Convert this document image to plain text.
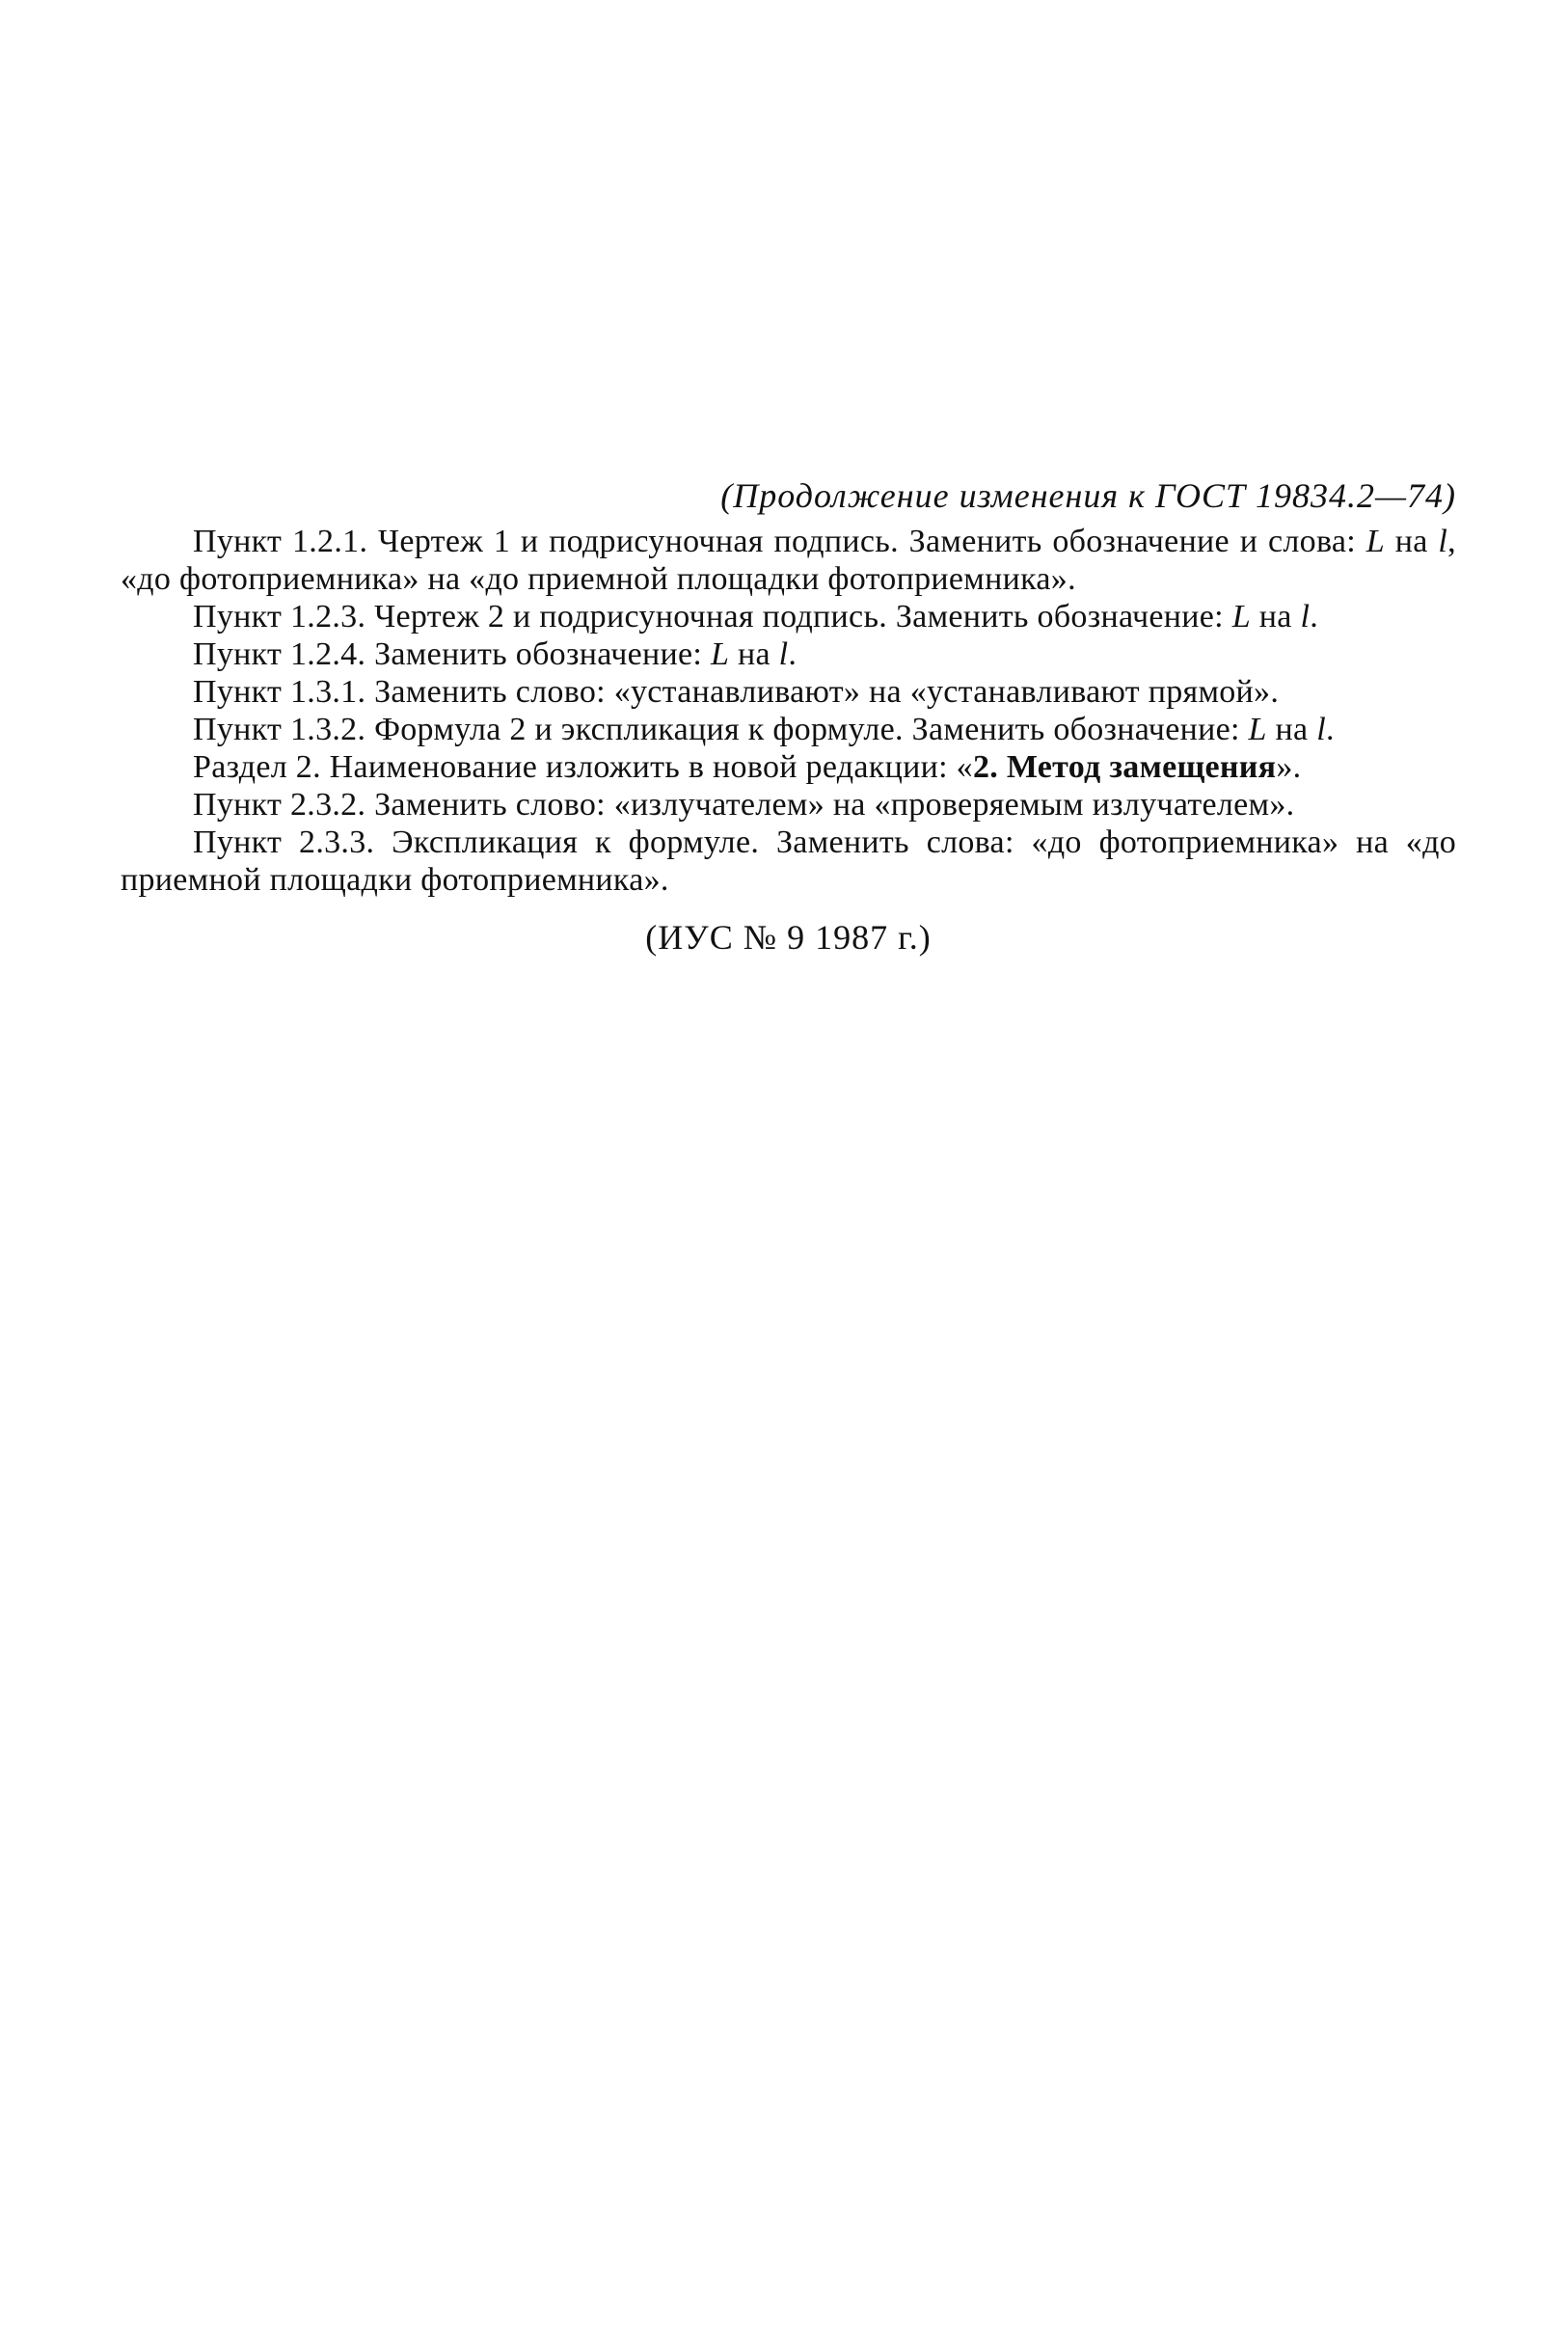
(Продолжение изменения к ГОСТ 19834.2—74)

Пункт 1.2.1. Чертеж 1 и подрисуночная подпись. Заменить обозначение и слова: L на l, «до фотоприемника» на «до приемной площадки фотоприемника».

Пункт 1.2.3. Чертеж 2 и подрисуночная подпись. Заменить обозначение: L на l.

Пункт 1.2.4. Заменить обозначение: L на l.

Пункт 1.3.1. Заменить слово: «устанавливают» на «устанавливают прямой».

Пункт 1.3.2. Формула 2 и экспликация к формуле. Заменить обозначение: L на l.

Раздел 2. Наименование изложить в новой редакции: «2. Метод замещения».

Пункт 2.3.2. Заменить слово: «излучателем» на «проверяемым излучателем».

Пункт 2.3.3. Экспликация к формуле. Заменить слова: «до фотоприемника» на «до приемной площадки фотоприемника».

(ИУС № 9 1987 г.)
